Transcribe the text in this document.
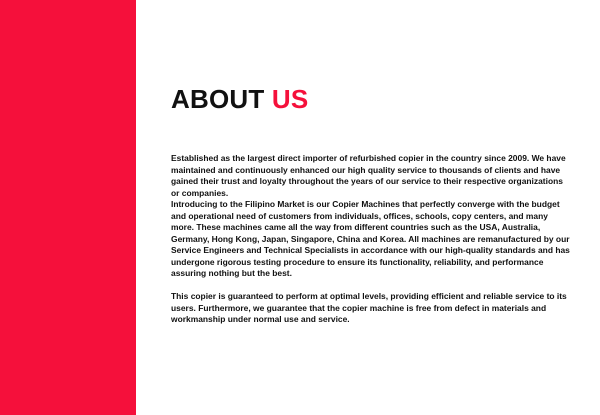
ABOUT US

Established as the largest direct importer of refurbished copier in the country since 2009. We have maintained and continuously enhanced our high quality service to thousands of clients and have gained their trust and loyalty throughout the years of our service to their respective organizations or companies.

Introducing to the Filipino Market is our Copier Machines that perfectly converge with the budget and operational need of customers from individuals, offices, schools, copy centers, and many more. These machines came all the way from different countries such as the USA, Australia, Germany, Hong Kong, Japan, Singapore, China and Korea. All machines are remanufactured by our Service Engineers and Technical Specialists in accordance with our high-quality standards and has undergone rigorous testing procedure to ensure its functionality, reliability, and performance assuring nothing but the best.

This copier is guaranteed to perform at optimal levels, providing efficient and reliable service to its users. Furthermore, we guarantee that the copier machine is free from defect in materials and workmanship under normal use and service.
